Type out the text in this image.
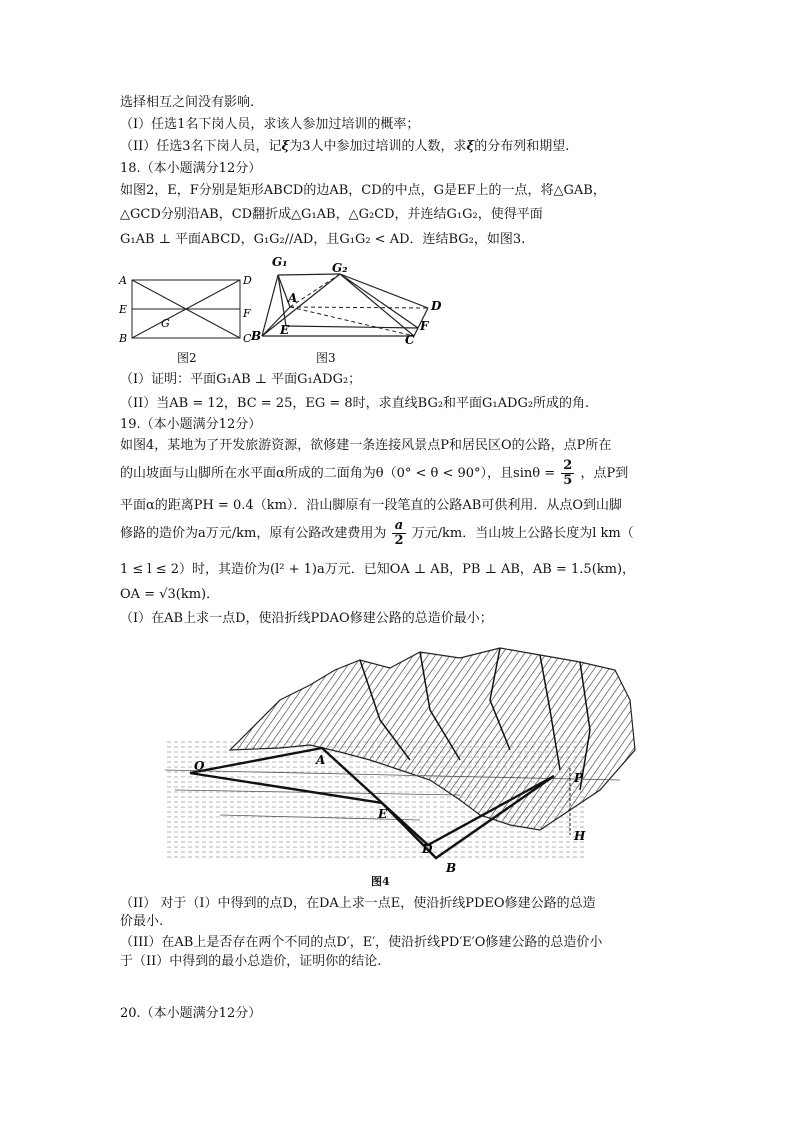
选择相互之间没有影响.
（I）任选1名下岗人员，求该人参加过培训的概率；
（II）任选3名下岗人员，记ξ为3人中参加过培训的人数，求ξ的分布列和期望.
18.（本小题满分12分）
如图2，E，F分别是矩形ABCD的边AB，CD的中点，G是EF上的一点，将△GAB，
△GCD分别沿AB，CD翻折成△G₁AB，△G₂CD，并连结G₁G₂，使得平面
G₁AB ⊥ 平面ABCD，G₁G₂//AD，且G₁G₂ < AD．连结BG₂，如图3.
A	D
E	F
G
B	C
图2
G₁	G₂
A
D
F
B E
C
图3
（I）证明：平面G₁AB ⊥ 平面G₁ADG₂；
（II）当AB = 12，BC = 25，EG = 8时，求直线BG₂和平面G₁ADG₂所成的角.
19.（本小题满分12分）
如图4，某地为了开发旅游资源，欲修建一条连接风景点P和居民区O的公路，点P所在
的山坡面与山脚所在水平面α所成的二面角为θ（0° < θ < 90°），且$\sin\theta = \frac{2}{5}$ ，点P到
平面α的距离PH = 0.4（km）．沿山脚原有一段笔直的公路AB可供利用．从点O到山脚
修路的造价为a万元/km，原有公路改建费用为 $\frac{a}{2}$ 万元/km．当山坡上公路长度为l km（
1 ≤ l ≤ 2）时，其造价为(l² + 1)a万元．已知OA ⊥ AB，PB ⊥ AB，AB = 1.5(km)，
OA = √3(km)．
（I）在AB上求一点D，使沿折线PDAO修建公路的总造价最小；
O	A
E
D
B
P
H
图4
（II） 对于（I）中得到的点D，在DA上求一点E，使沿折线PDEO修建公路的总造
价最小.
（III）在AB上是否存在两个不同的点D′，E′，使沿折线PD′E′O修建公路的总造价小
于（II）中得到的最小总造价，证明你的结论.
20.（本小题满分12分）
